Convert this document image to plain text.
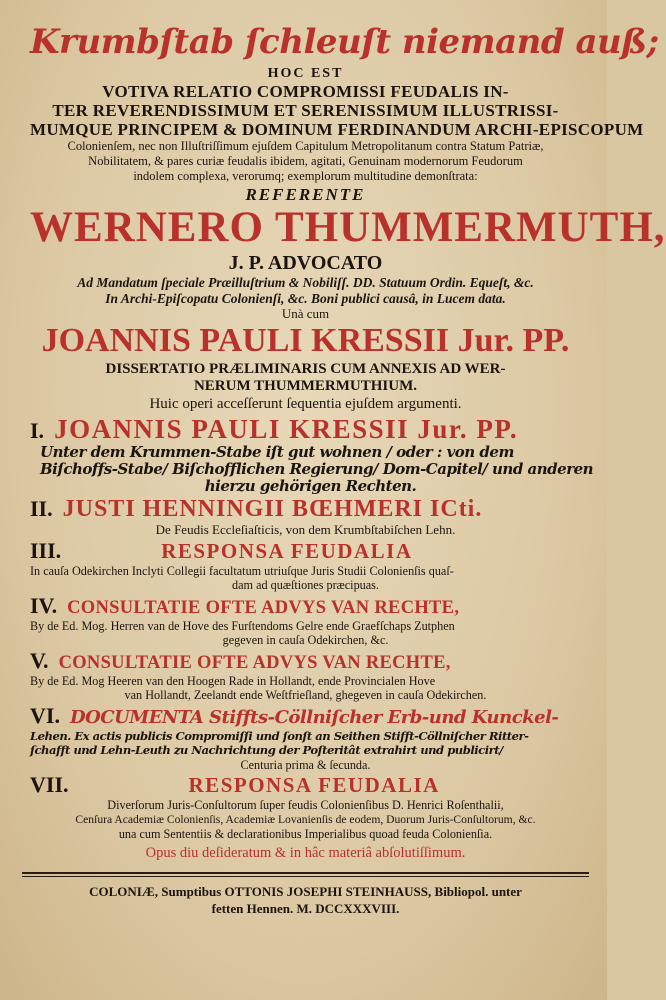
Krumbſtab ſchleuſt niemand auß;
HOC EST
VOTIVA RELATIO COMPROMISSI FEUDALIS IN-
TER REVERENDISSIMUM ET SERENISSIMUM ILLUSTRISSI-
MUMQUE PRINCIPEM & DOMINUM FERDINANDUM ARCHI-EPISCOPUM
Colonienſem, nec non Illuſtriſſimum ejuſdem Capitulum Metropolitanum contra Statum Patriæ,
Nobilitatem, & pares curiæ feudalis ibidem, agitati, Genuinam modernorum Feudorum
indolem complexa, verorumq; exemplorum multitudine demonſtrata:
REFERENTE
WERNERO THUMMERMUTH,
J. P. ADVOCATO
Ad Mandatum ſpeciale Præilluſtrium & Nobiliſſ. DD. Statuum Ordin. Equeſt, &c.
In Archi-Epiſcopatu Colonienſi, &c. Boni publici causâ, in Lucem data.
Unà cum
JOANNIS PAULI KRESSII Jur. PP.
DISSERTATIO PRÆLIMINARIS CUM ANNEXIS AD WER-
NERUM THUMMERMUTHIUM.
Huic operi acceſſerunt ſequentia ejuſdem argumenti.
I. JOANNIS PAULI KRESSII Jur. PP.
Unter dem Krummen-Stabe iſt gut wohnen / oder : von dem
Biſchoffs-Stabe/ Biſchofflichen Regierung/ Dom-Capitel/ und anderen
hierzu gehörigen Rechten.
II. JUSTI HENNINGII BŒHMERI ICti.
De Feudis Eccleſiaſticis, von dem Krumbſtabiſchen Lehn.
III.	RESPONSA FEUDALIA
In cauſa Odekirchen Inclyti Collegii facultatum utriuſque Juris Studii Colonienſis quaſ-
dam ad quæſtiones præcipuas.
IV. CONSULTATIE OFTE ADVYS VAN RECHTE,
By de Ed. Mog. Herren van de Hove des Furſtendoms Gelre ende Graefſchaps Zutphen
gegeven in cauſa Odekirchen, &c.
V. CONSULTATIE OFTE ADVYS VAN RECHTE,
By de Ed. Mog Heeren van den Hoogen Rade in Hollandt, ende Provincialen Hove
van Hollandt, Zeelandt ende Weſtfrieſland, ghegeven in cauſa Odekirchen.
VI. DOCUMENTA Stiffts-Cöllniſcher Erb-und Kunckel-
Lehen. Ex actis publicis Compromiſſi und ſonſt an Seithen Stifft-Cöllniſcher Ritter-
ſchafft und Lehn-Leuth zu Nachrichtung der Poſteritât extrahirt und publicirt/
Centuria prima & ſecunda.
VII.	RESPONSA FEUDALIA
Diverſorum Juris-Conſultorum ſuper feudis Colonienſibus D. Henrici Roſenthalii,
Cenſura Academiæ Colonienſis, Academiæ Lovanienſis de eodem, Duorum Juris-Conſultorum, &c.
una cum Sententiis & declarationibus Imperialibus quoad feuda Colonienſia.
Opus diu deſideratum & in hâc materiâ abſolutiſſimum.
COLONIÆ, Sumptibus OTTONIS JOSEPHI STEINHAUSS, Bibliopol. unter
fetten Hennen. M. DCCXXXVIII.
